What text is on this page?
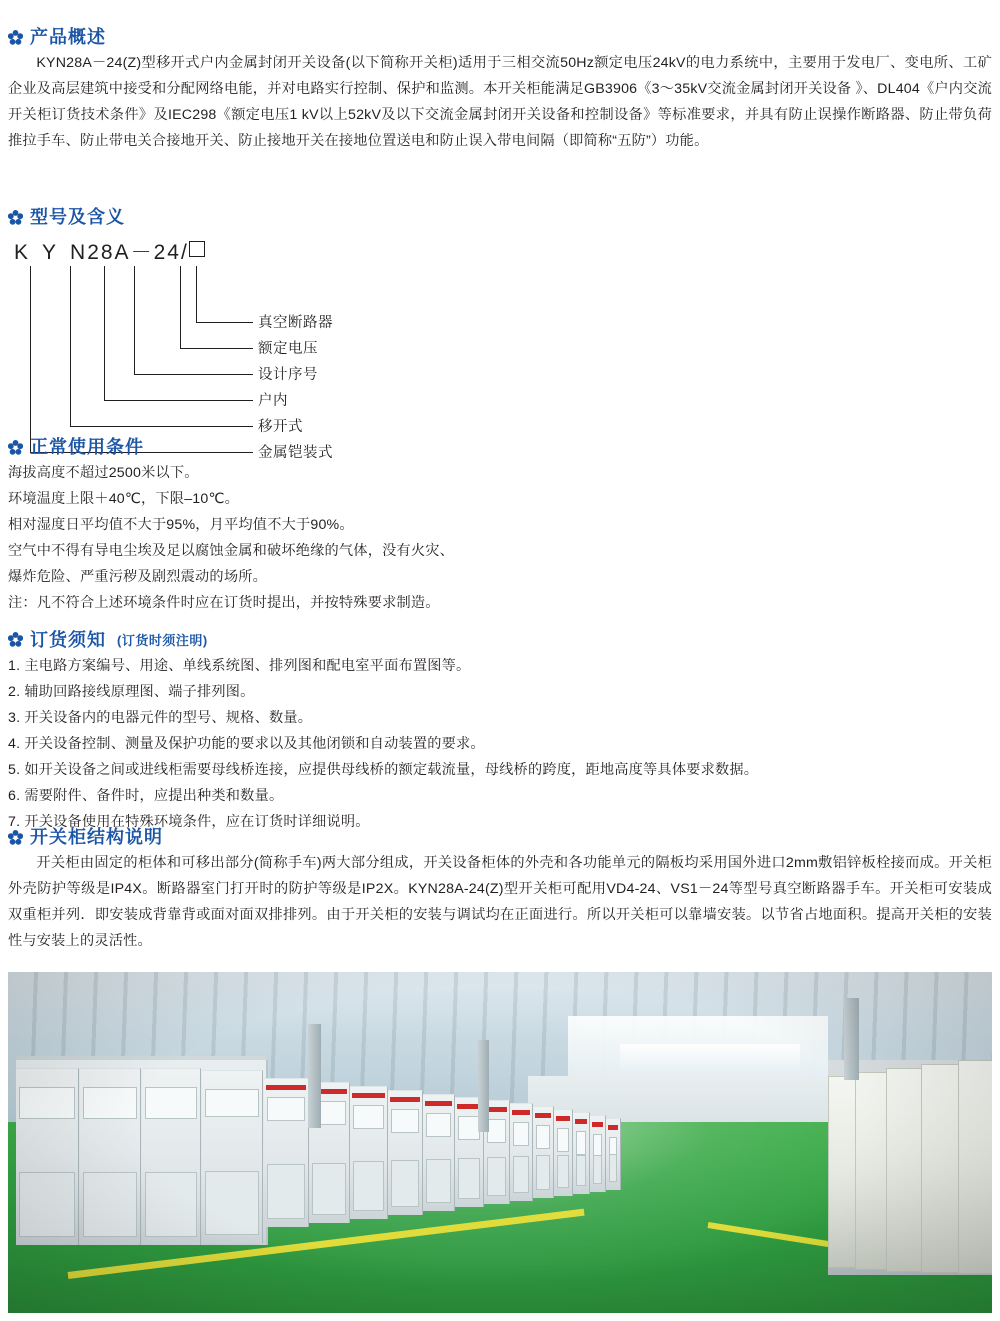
产品概述
KYN28A－24(Z)型移开式户内金属封闭开关设备(以下简称开关柜)适用于三相交流50Hz额定电压24kV的电力系统中，主要用于发电厂、变电所、工矿企业及高层建筑中接受和分配网络电能，并对电路实行控制、保护和监测。本开关柜能满足GB3906《3～35kV交流金属封闭开关设备 》、DL404《户内交流开关柜订货技术条件》及IEC298《额定电压1 kV以上52kV及以下交流金属封闭开关设备和控制设备》等标准要求，并具有防止误操作断路器、防止带负荷推拉手车、防止带电关合接地开关、防止接地开关在接地位置送电和防止误入带电间隔（即简称“五防”）功能。
型号及含义
K Y N28A－24/
真空断路器
额定电压
设计序号
户内
移开式
金属铠装式
正常使用条件

海拔高度不超过2500米以下。

环境温度上限＋40℃，下限–10℃。

相对湿度日平均值不大于95%，月平均值不大于90%。

空气中不得有导电尘埃及足以腐蚀金属和破坏绝缘的气体，没有火灾、

爆炸危险、严重污秽及剧烈震动的场所。

注：凡不符合上述环境条件时应在订货时提出，并按特殊要求制造。

订货须知 (订货时须注明)

1. 主电路方案编号、用途、单线系统图、排列图和配电室平面布置图等。

2. 辅助回路接线原理图、端子排列图。

3. 开关设备内的电器元件的型号、规格、数量。

4. 开关设备控制、测量及保护功能的要求以及其他闭锁和自动装置的要求。

5. 如开关设备之间或进线柜需要母线桥连接，应提供母线桥的额定载流量，母线桥的跨度，距地高度等具体要求数据。

6. 需要附件、备件时，应提出种类和数量。

7. 开关设备使用在特殊环境条件，应在订货时详细说明。

开关柜结构说明
开关柜由固定的柜体和可移出部分(简称手车)两大部分组成，开关设备柜体的外壳和各功能单元的隔板均采用国外进口2mm敷铝锌板栓接而成。开关柜外壳防护等级是IP4X。断路器室门打开时的防护等级是IP2X。KYN28A-24(Z)型开关柜可配用VD4-24、VS1－24等型号真空断路器手车。开关柜可安装成双重柜并列．即安装成背靠背或面对面双排排列。由于开关柜的安装与调试均在正面进行。所以开关柜可以靠墙安装。以节省占地面积。提高开关柜的安装性与安装上的灵活性。
